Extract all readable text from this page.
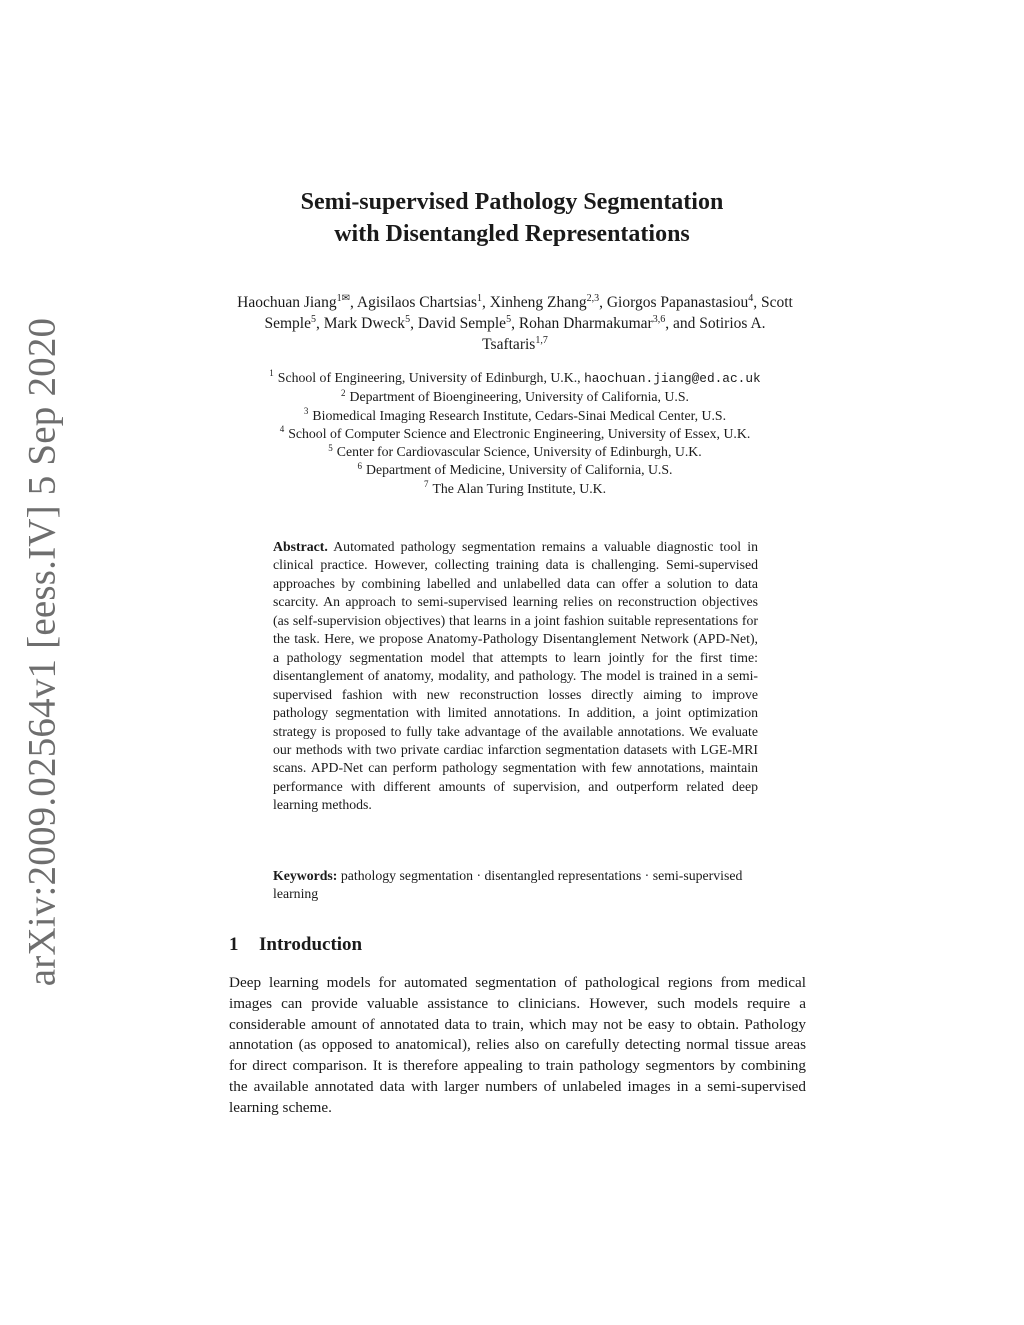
arXiv:2009.02564v1 [eess.IV] 5 Sep 2020
Semi-supervised Pathology Segmentation
with Disentangled Representations
Haochuan Jiang$^{1✉}$, Agisilaos Chartsias$^1$, Xinheng Zhang$^{2,3}$, Giorgos Papanastasiou$^4$, Scott Semple$^5$, Mark Dweck$^5$, David Semple$^5$, Rohan Dharmakumar$^{3,6}$, and Sotirios A. Tsaftaris$^{1,7}$
$^1$ School of Engineering, University of Edinburgh, U.K., haochuan.jiang@ed.ac.uk
$^2$ Department of Bioengineering, University of California, U.S.
$^3$ Biomedical Imaging Research Institute, Cedars-Sinai Medical Center, U.S.
$^4$ School of Computer Science and Electronic Engineering, University of Essex, U.K.
$^5$ Center for Cardiovascular Science, University of Edinburgh, U.K.
$^6$ Department of Medicine, University of California, U.S.
$^7$ The Alan Turing Institute, U.K.
Abstract. Automated pathology segmentation remains a valuable diagnostic tool in clinical practice. However, collecting training data is challenging. Semi-supervised approaches by combining labelled and unlabelled data can offer a solution to data scarcity. An approach to semi-supervised learning relies on reconstruction objectives (as self-supervision objectives) that learns in a joint fashion suitable representations for the task. Here, we propose Anatomy-Pathology Disentanglement Network (APD-Net), a pathology segmentation model that attempts to learn jointly for the first time: disentanglement of anatomy, modality, and pathology. The model is trained in a semi-supervised fashion with new reconstruction losses directly aiming to improve pathology segmentation with limited annotations. In addition, a joint optimization strategy is proposed to fully take advantage of the available annotations. We evaluate our methods with two private cardiac infarction segmentation datasets with LGE-MRI scans. APD-Net can perform pathology segmentation with few annotations, maintain performance with different amounts of supervision, and outperform related deep learning methods.
Keywords: pathology segmentation · disentangled representations · semi-supervised learning
1 Introduction
Deep learning models for automated segmentation of pathological regions from medical images can provide valuable assistance to clinicians. However, such models require a considerable amount of annotated data to train, which may not be easy to obtain. Pathology annotation (as opposed to anatomical), relies also on carefully detecting normal tissue areas for direct comparison. It is therefore appealing to train pathology segmentors by combining the available annotated data with larger numbers of unlabeled images in a semi-supervised learning scheme.
